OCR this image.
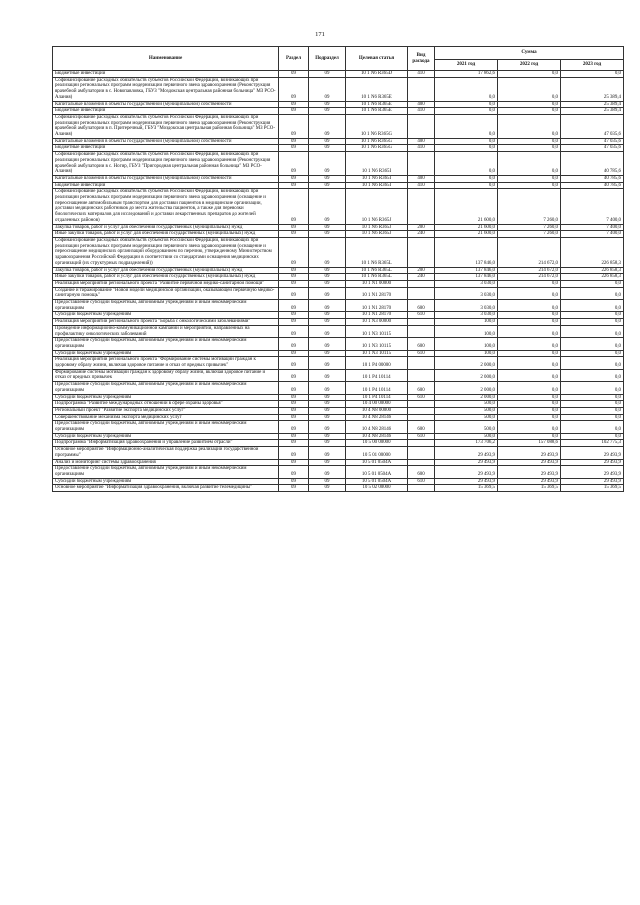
171
Наименование	Раздел	Подраздел	Целевая статья	Вид расхода	Сумма		
					2021 год	2022 год	2023 год
Бюджетные инвестиции	09	09	10 1 N6 R365D	410	17 862,6	0,0	0,0
Софинансирование расходных обязательств субъектов Российской Федерации, возникающих при реализации региональных программ модернизации первичного звена здравоохранения (Реконструкция врачебной амбулатории в с. Новопавловка, ГБУЗ "Моздокская центральная районная больница" МЗ РСО-Алания)	09	09	10 1 N6 R365E		0,0	0,0	25 389,4
Капитальные вложения в объекты государственной (муниципальной) собственности	09	09	10 1 N6 R365E	400	0,0	0,0	25 389,4
Бюджетные инвестиции	09	09	10 1 N6 R365E	410	0,0	0,0	25 389,4
Софинансирование расходных обязательств субъектов Российской Федерации, возникающих при реализации региональных программ модернизации первичного звена здравоохранения (Реконструкция врачебной амбулатории в п. Притеречный, ГБУЗ "Моздокская центральная районная больница" МЗ РСО-Алания)	09	09	10 1 N6 R365G		0,0	0,0	47 035,6
Капитальные вложения в объекты государственной (муниципальной) собственности	09	09	10 1 N6 R365G	400	0,0	0,0	47 035,6
Бюджетные инвестиции	09	09	10 1 N6 R365G	410	0,0	0,0	47 035,6
Софинансирование расходных обязательств субъектов Российской Федерации, возникающих при реализации региональных программ модернизации первичного звена здравоохранения (Реконструкция врачебной амбулатории в с. Ногир, ГБУЗ "Пригородная центральная районная больница" МЗ РСО-Алания)	09	09	10 1 N6 R365I		0,0	0,0	40 785,6
Капитальные вложения в объекты государственной (муниципальной) собственности	09	09	10 1 N6 R365I	400	0,0	0,0	40 785,6
Бюджетные инвестиции	09	09	10 1 N6 R365I	410	0,0	0,0	40 785,6
Софинансирование расходных обязательств субъектов Российской Федерации, возникающих при реализации региональных программ модернизации первичного звена здравоохранения (оснащение и переоснащение автомобильным транспортом для доставки пациентов в медицинские организации, доставки медицинских работников до места жительства пациентов, а также для перевозки биологических материалов для исследований и доставки лекарственных препаратов до жителей отдаленных районов)	09	09	10 1 N6 R365J		21 600,0	7 260,0	7 400,0
Закупка товаров, работ и услуг для обеспечения государственных (муниципальных) нужд	09	09	10 1 N6 R365J	200	21 600,0	7 260,0	7 400,0
Иные закупки товаров, работ и услуг для обеспечения государственных (муниципальных) нужд	09	09	10 1 N6 R365J	240	21 600,0	7 260,0	7 400,0
Софинансирование расходных обязательств субъектов Российской Федерации, возникающих при реализации региональных программ модернизации первичного звена здравоохранения (оснащение и переоснащение медицинских организаций оборудованием по перечню, утвержденному Министерством здравоохранения Российской Федерации в соответствии со стандартами оснащения медицинских организаций (их структурных подразделений))	09	09	10 1 N6 R365L		137 846,0	214 672,0	226 858,3
Закупка товаров, работ и услуг для обеспечения государственных (муниципальных) нужд	09	09	10 1 N6 R365L	200	137 846,0	214 672,0	226 858,3
Иные закупки товаров, работ и услуг для обеспечения государственных (муниципальных) нужд	09	09	10 1 N6 R365L	240	137 846,0	214 672,0	226 858,3
Реализация мероприятий регионального проекта "Развитие первичной медико-санитарной помощи"	09	09	10 1 N1 00000		3 030,0	0,0	0,0
Создание и тиражирование "Новой модели медицинской организации, оказывающей первичную медико-санитарную помощь"	09	09	10 1 N1 28170		3 030,0	0,0	0,0
Предоставление субсидий бюджетным, автономным учреждениям и иным некоммерческим организациям	09	09	10 1 N1 28170	600	3 030,0	0,0	0,0
Субсидии бюджетным учреждениям	09	09	10 1 N1 28170	610	3 030,0	0,0	0,0
Реализация мероприятий регионального проекта "Борьба с онкологическими заболеваниями"	09	09	10 1 N3 00000		100,0	0,0	0,0
Проведение информационно-коммуникационной кампании и мероприятий, направленных на профилактику онкологических заболеваний	09	09	10 1 N3 10115		100,0	0,0	0,0
Предоставление субсидий бюджетным, автономным учреждениям и иным некоммерческим организациям	09	09	10 1 N3 10115	600	100,0	0,0	0,0
Субсидии бюджетным учреждениям	09	09	10 1 N3 10115	610	100,0	0,0	0,0
Реализация мероприятий регионального проекта "Формирование системы мотивации граждан к здоровому образу жизни, включая здоровое питание и отказ от вредных привычек"	09	09	10 1 P4 00000		2 000,0	0,0	0,0
Формирование системы мотивации граждан к здоровому образу жизни, включая здоровое питание и отказ от вредных привычек	09	09	10 1 P4 10114		2 000,0	0,0	0,0
Предоставление субсидий бюджетным, автономным учреждениям и иным некоммерческим организациям	09	09	10 1 P4 10114	600	2 000,0	0,0	0,0
Субсидии бюджетным учреждениям	09	09	10 1 P4 10114	610	2 000,0	0,0	0,0
Подпрограмма "Развитие международных отношений в сфере охраны здоровья"	09	09	10 4 00 00000		500,0	0,0	0,0
Региональный проект "Развитие экспорта медицинских услуг"	09	09	10 4 N8 00000		500,0	0,0	0,0
Совершенствование механизма экспорта медицинских услуг	09	09	10 4 N8 28146		500,0	0,0	0,0
Предоставление субсидий бюджетным, автономным учреждениям и иным некоммерческим организациям	09	09	10 4 N8 28146	600	500,0	0,0	0,0
Субсидии бюджетным учреждениям	09	09	10 4 N8 28146	610	500,0	0,0	0,0
Подпрограмма "Информатизация здравоохранения и управление развитием отрасли"	09	09	10 5 00 00000		173 706,2	157 088,6	102 775,3
Основное мероприятие "Информационно-аналитическая поддержка реализации государственной программы"	09	09	10 5 01 00000		29 493,9	29 493,9	29 493,9
Анализ и мониторинг системы здравоохранения	09	09	10 5 01 0504A		29 493,9	29 493,9	29 493,9
Предоставление субсидий бюджетным, автономным учреждениям и иным некоммерческим организациям	09	09	10 5 01 0504A	600	29 493,9	29 493,9	29 493,9
Субсидии бюджетным учреждениям	09	09	10 5 01 0504A	610	29 493,9	29 493,9	29 493,9
Основное мероприятие "Информатизация здравоохранения, включая развитие телемедицины"	09	09	10 5 02 00000		15 369,5	15 369,5	15 369,5
